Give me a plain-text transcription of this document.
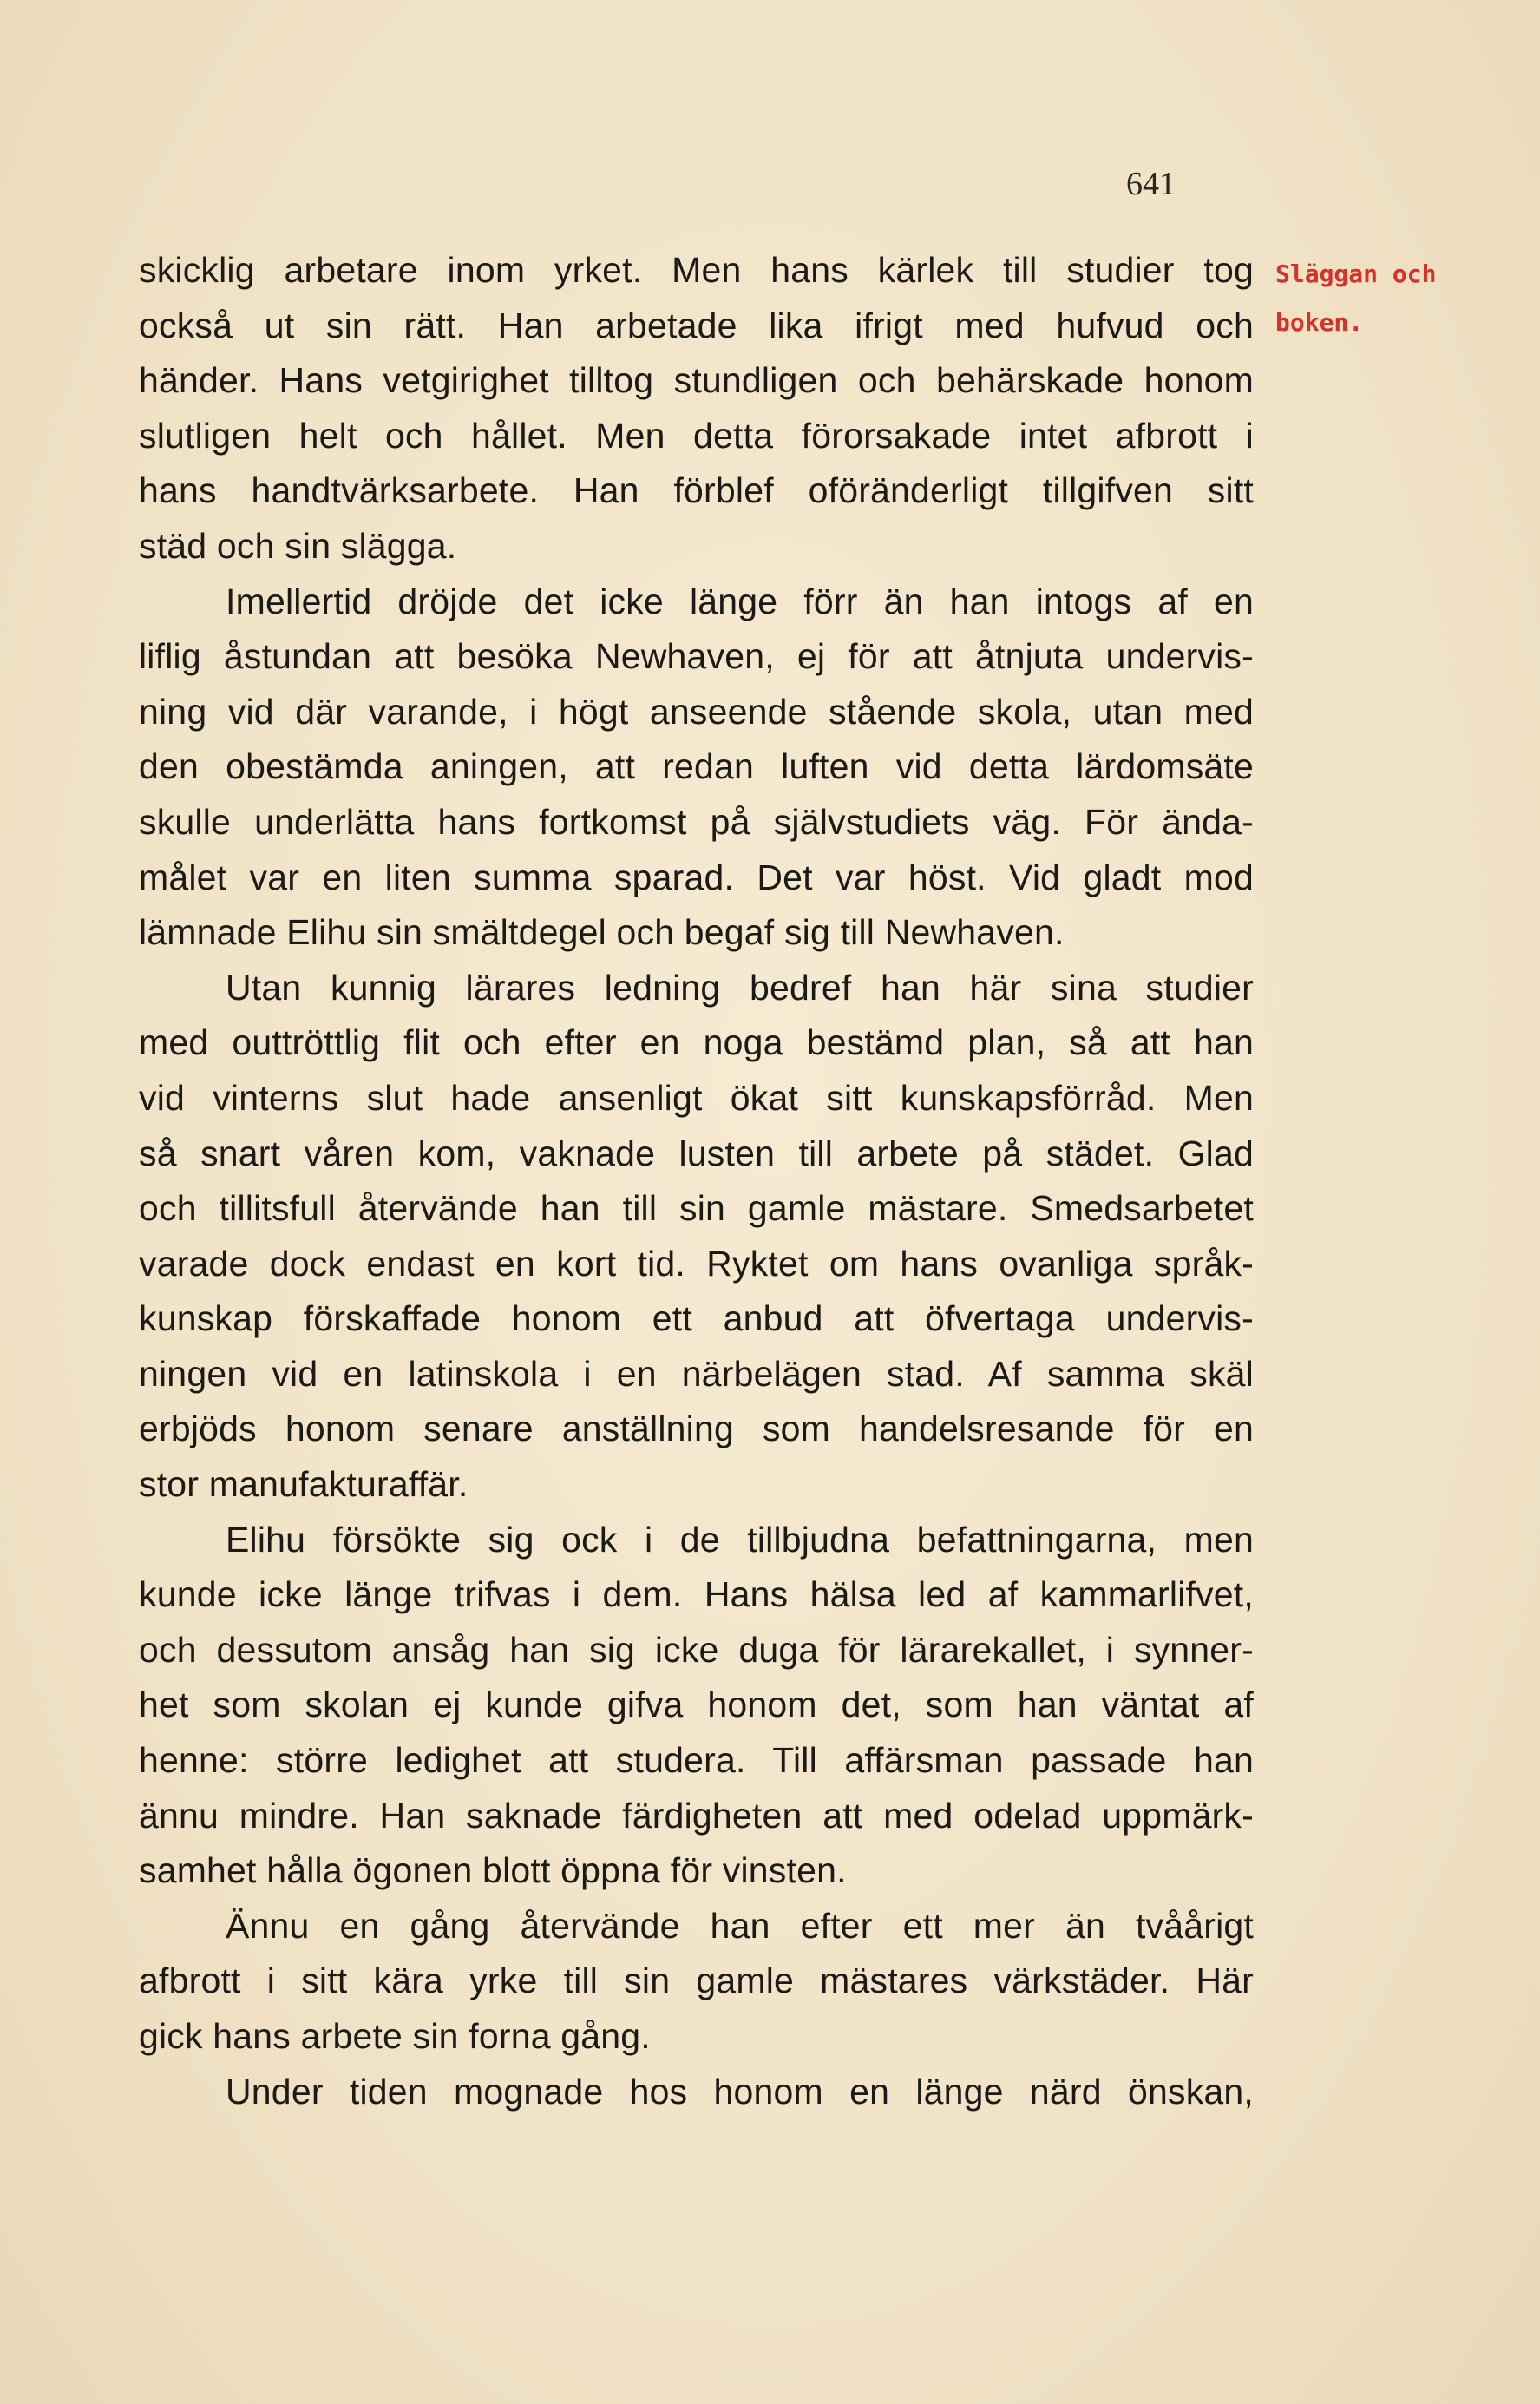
641
Släggan och
boken.
skicklig arbetare inom yrket. Men hans kärlek till studier tog
också ut sin rätt. Han arbetade lika ifrigt med hufvud och
händer. Hans vetgirighet tilltog stundligen och behärskade honom
slutligen helt och hållet. Men detta förorsakade intet afbrott i
hans handtvärksarbete. Han förblef oföränderligt tillgifven sitt
städ och sin slägga.
Imellertid dröjde det icke länge förr än han intogs af en
liflig åstundan att besöka Newhaven, ej för att åtnjuta undervis-
ning vid där varande, i högt anseende stående skola, utan med
den obestämda aningen, att redan luften vid detta lärdomsäte
skulle underlätta hans fortkomst på självstudiets väg. För ända-
målet var en liten summa sparad. Det var höst. Vid gladt mod
lämnade Elihu sin smältdegel och begaf sig till Newhaven.
Utan kunnig lärares ledning bedref han här sina studier
med outtröttlig flit och efter en noga bestämd plan, så att han
vid vinterns slut hade ansenligt ökat sitt kunskapsförråd. Men
så snart våren kom, vaknade lusten till arbete på städet. Glad
och tillitsfull återvände han till sin gamle mästare. Smedsarbetet
varade dock endast en kort tid. Ryktet om hans ovanliga språk-
kunskap förskaffade honom ett anbud att öfvertaga undervis-
ningen vid en latinskola i en närbelägen stad. Af samma skäl
erbjöds honom senare anställning som handelsresande för en
stor manufakturaffär.
Elihu försökte sig ock i de tillbjudna befattningarna, men
kunde icke länge trifvas i dem. Hans hälsa led af kammarlifvet,
och dessutom ansåg han sig icke duga för lärarekallet, i synner-
het som skolan ej kunde gifva honom det, som han väntat af
henne: större ledighet att studera. Till affärsman passade han
ännu mindre. Han saknade färdigheten att med odelad uppmärk-
samhet hålla ögonen blott öppna för vinsten.
Ännu en gång återvände han efter ett mer än tvåårigt
afbrott i sitt kära yrke till sin gamle mästares värkstäder. Här
gick hans arbete sin forna gång.
Under tiden mognade hos honom en länge närd önskan,
